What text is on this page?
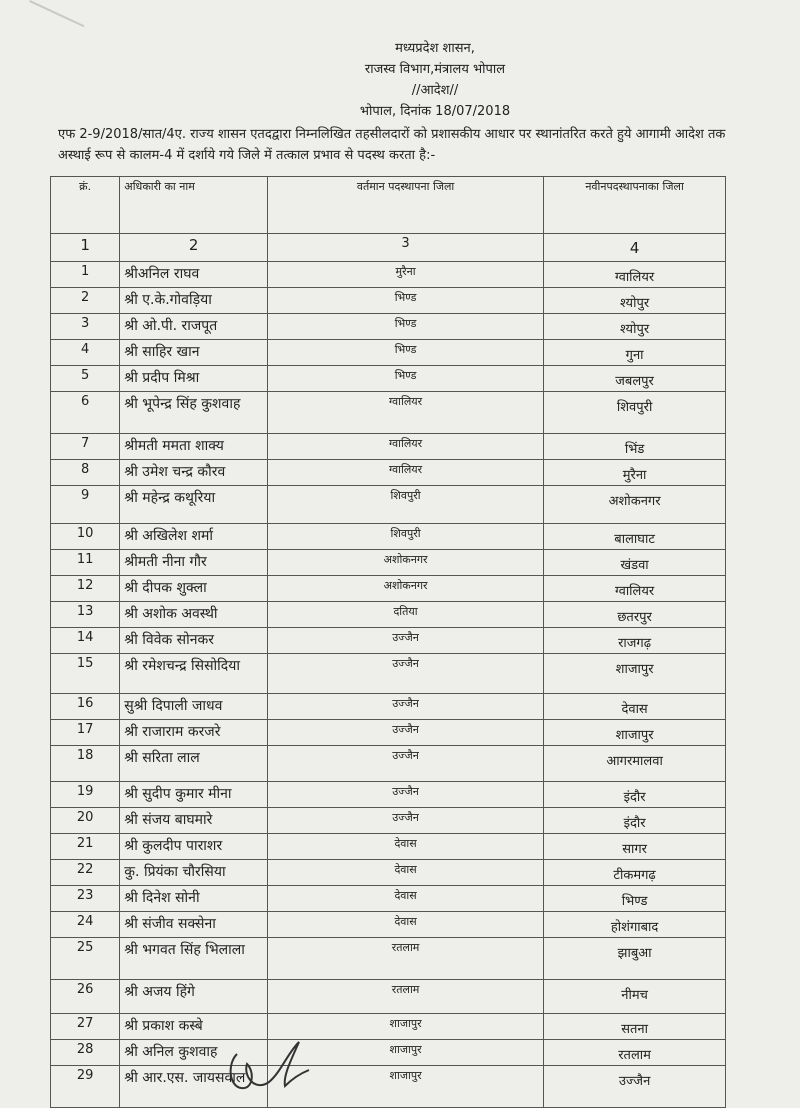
मध्यप्रदेश शासन,
राजस्व विभाग,मंत्रालय भोपाल
//आदेश//
भोपाल, दिनांक 18/07/2018
एफ 2-9/2018/सात/4ए. राज्य शासन एतदद्वारा निम्नलिखित तहसीलदारों को प्रशासकीय आधार पर स्थानांतरित करते हुये आगामी आदेश तक अस्थाई रूप से कालम-4 में दर्शाये गये जिले में तत्काल प्रभाव से पदस्थ करता है:-
क्रं.	अधिकारी का नाम	वर्तमान पदस्थापना जिला	नवीनपदस्थापनाका जिला
1	2	3	4
1	श्रीअनिल राघव	मुरैना	ग्वालियर
2	श्री ए.के.गोवड़िया	भिण्ड	श्योपुर
3	श्री ओ.पी. राजपूत	भिण्ड	श्योपुर
4	श्री साहिर खान	भिण्ड	गुना
5	श्री प्रदीप मिश्रा	भिण्ड	जबलपुर
6	श्री भूपेन्द्र सिंह कुशवाह	ग्वालियर	शिवपुरी
7	श्रीमती ममता शाक्य	ग्वालियर	भिंड
8	श्री उमेश चन्द्र कौरव	ग्वालियर	मुरैना
9	श्री महेन्द्र कथूरिया	शिवपुरी	अशोकनगर
10	श्री अखिलेश शर्मा	शिवपुरी	बालाघाट
11	श्रीमती नीना गौर	अशोकनगर	खंडवा
12	श्री दीपक शुक्ला	अशोकनगर	ग्वालियर
13	श्री अशोक अवस्थी	दतिया	छतरपुर
14	श्री विवेक सोनकर	उज्जैन	राजगढ़
15	श्री रमेशचन्द्र सिसोदिया	उज्जैन	शाजापुर
16	सुश्री दिपाली जाधव	उज्जैन	देवास
17	श्री राजाराम करजरे	उज्जैन	शाजापुर
18	श्री सरिता लाल	उज्जैन	आगरमालवा
19	श्री सुदीप कुमार मीना	उज्जैन	इंदौर
20	श्री संजय बाघमारे	उज्जैन	इंदौर
21	श्री कुलदीप पाराशर	देवास	सागर
22	कु. प्रियंका चौरसिया	देवास	टीकमगढ़
23	श्री दिनेश सोनी	देवास	भिण्ड
24	श्री संजीव सक्सेना	देवास	होशंगाबाद
25	श्री भगवत सिंह भिलाला	रतलाम	झाबुआ
26	श्री अजय हिंगे	रतलाम	नीमच
27	श्री प्रकाश कस्बे	शाजापुर	सतना
28	श्री अनिल कुशवाह	शाजापुर	रतलाम
29	श्री आर.एस. जायसवाल	शाजापुर	उज्जैन
